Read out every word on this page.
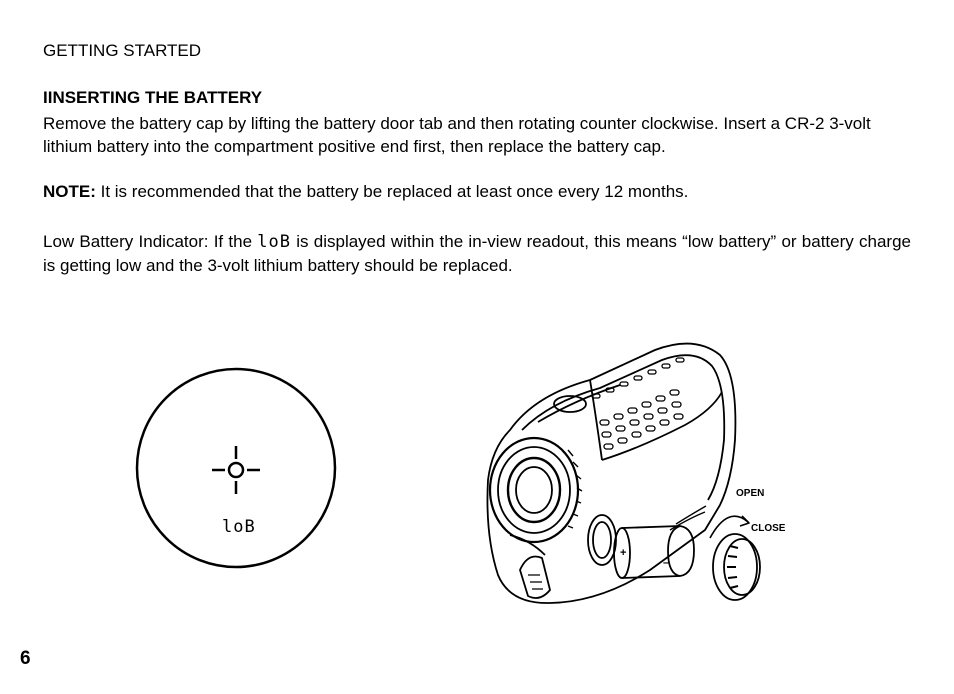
GETTING STARTED
IINSERTING THE BATTERY
Remove the battery cap by lifting the battery door tab and then rotating counter clockwise. Insert a CR-2 3-volt lithium battery into the compartment positive end first, then replace the battery cap.
NOTE: It is recommended that the battery be replaced at least once every 12 months.
Low Battery Indicator: If the loB is displayed within the in-view readout, this means “low battery” or battery charge is getting low and the 3-volt lithium battery should be replaced.
loB
+
–
OPEN
CLOSE
6
